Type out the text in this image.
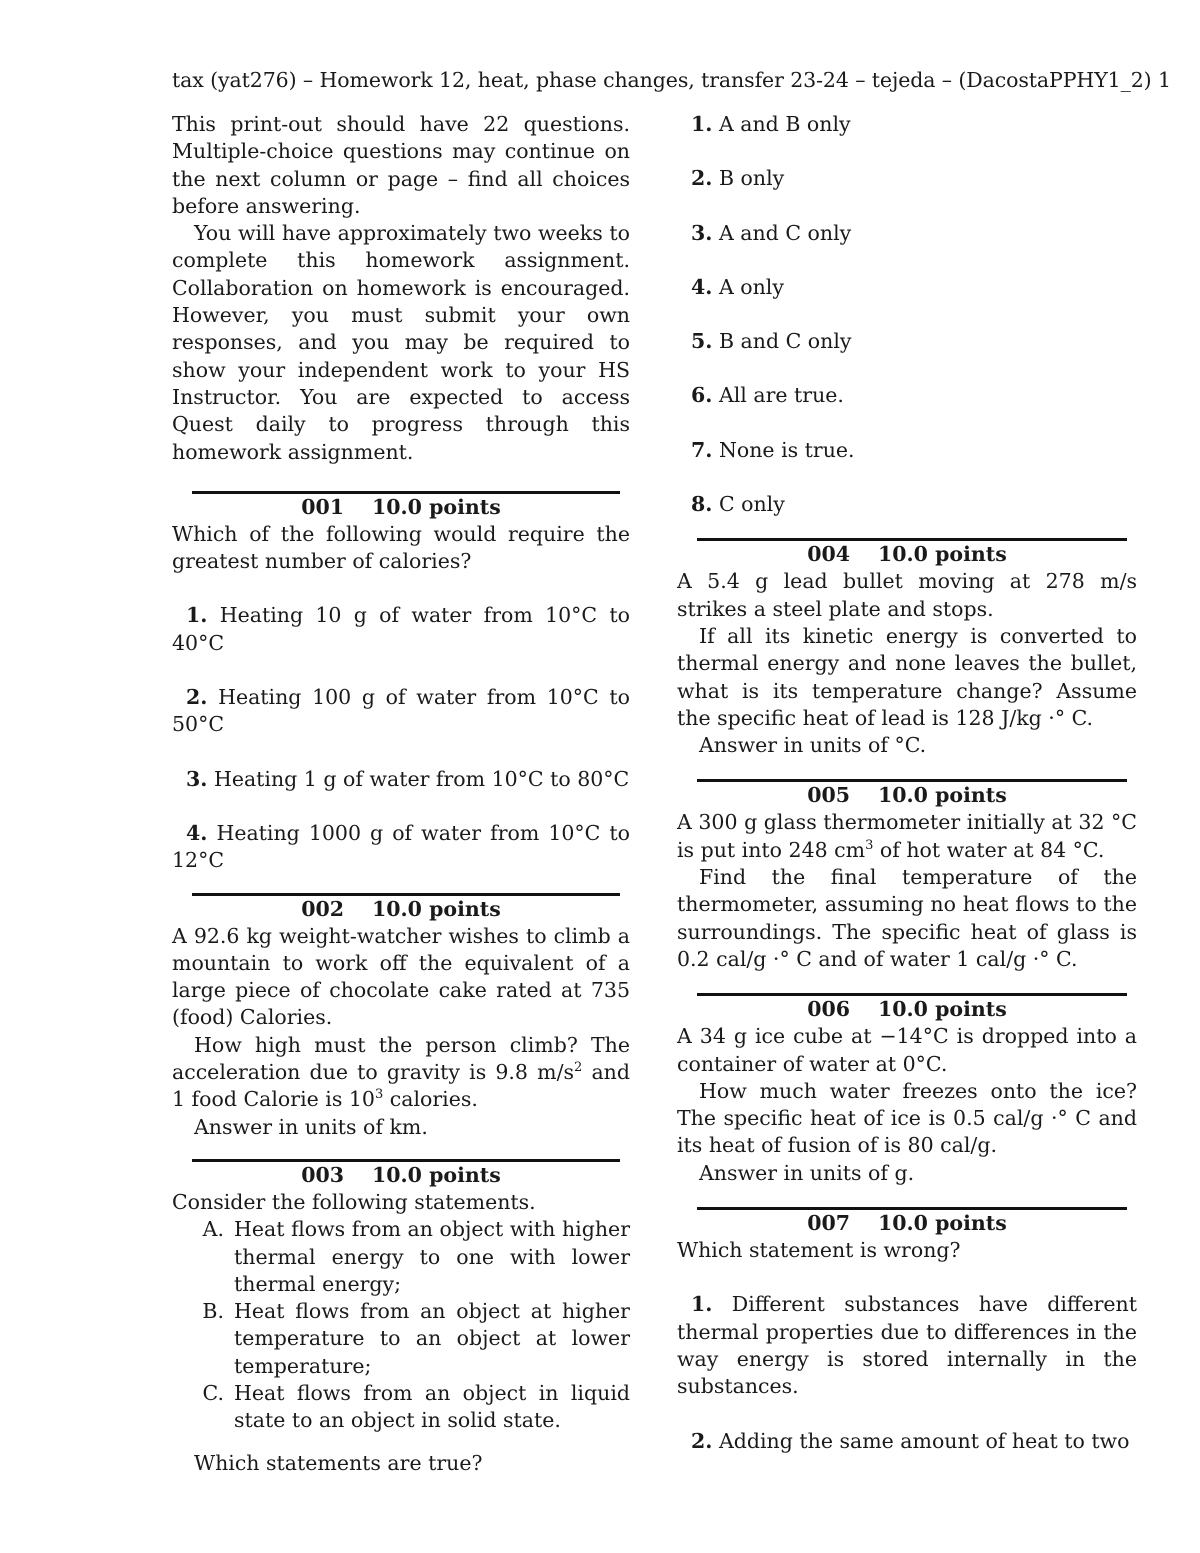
tax (yat276) – Homework 12, heat, phase changes, transfer 23-24 – tejeda – (DacostaPPHY1_2) 1

This print-out should have 22 questions. Multiple-choice questions may continue on the next column or page – find all choices before answering.

You will have approximately two weeks to complete this homework assignment. Collaboration on homework is encouraged. However, you must submit your own responses, and you may be required to show your independent work to your HS Instructor. You are expected to access Quest daily to progress through this homework assignment.

001 10.0 points

Which of the following would require the greatest number of calories?

1. Heating 10 g of water from 10°C to 40°C

2. Heating 100 g of water from 10°C to 50°C

3. Heating 1 g of water from 10°C to 80°C

4. Heating 1000 g of water from 10°C to 12°C

002 10.0 points

A 92.6 kg weight-watcher wishes to climb a mountain to work off the equivalent of a large piece of chocolate cake rated at 735 (food) Calories.

How high must the person climb? The acceleration due to gravity is 9.8 $m/s^2$ and 1 food Calorie is $10^3$ calories.

Answer in units of km.

003 10.0 points

Consider the following statements.

A. Heat flows from an object with higher thermal energy to one with lower thermal energy;
B. Heat flows from an object at higher temperature to an object at lower temperature;
C. Heat flows from an object in liquid state to an object in solid state.

Which statements are true?

1. A and B only

2. B only

3. A and C only

4. A only

5. B and C only

6. All are true.

7. None is true.

8. C only

004 10.0 points

A 5.4 g lead bullet moving at 278 m/s strikes a steel plate and stops.

If all its kinetic energy is converted to thermal energy and none leaves the bullet, what is its temperature change? Assume the specific heat of lead is 128 J/kg ·° C.

Answer in units of °C.

005 10.0 points

A 300 g glass thermometer initially at 32 °C is put into 248 $cm^3$ of hot water at 84 °C.

Find the final temperature of the thermometer, assuming no heat flows to the surroundings. The specific heat of glass is 0.2 cal/g ·° C and of water 1 cal/g ·° C.

006 10.0 points

A 34 g ice cube at −14°C is dropped into a container of water at 0°C.

How much water freezes onto the ice? The specific heat of ice is 0.5 cal/g ·° C and its heat of fusion of is 80 cal/g.

Answer in units of g.

007 10.0 points

Which statement is wrong?

1. Different substances have different thermal properties due to differences in the way energy is stored internally in the substances.

2. Adding the same amount of heat to two
